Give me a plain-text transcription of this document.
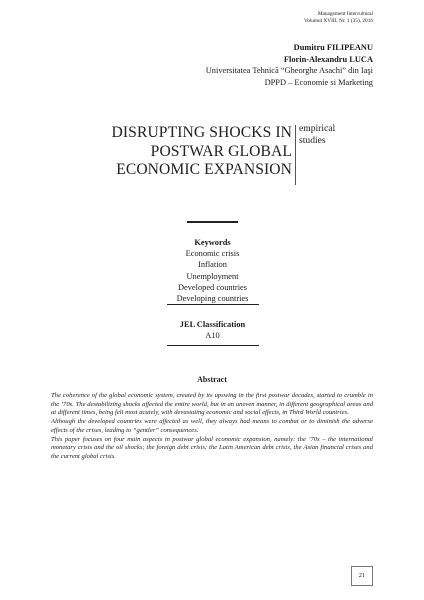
Management Intercultural
Volumul XVIII, Nr. 1 (35), 2016
Dumitru FILIPEANU
Florin-Alexandru LUCA
Universitatea Tehnică “Gheorghe Asachi” din Iaşi
DPPD – Economie si Marketing
DISRUPTING SHOCKS IN
POSTWAR GLOBAL
ECONOMIC EXPANSION
empirical
studies
Keywords
Economic crisis
Inflation
Unemployment
Developed countries
Developing countries
JEL Classification
A10
Abstract

The coherence of the global economic system, created by its upswing in the first postwar decades, started to crumble in the ’70s. The destabilizing shocks affected the entire world, but in an uneven manner, in different geographical areas and at different times, being felt most acutely, with devastating economic and social effects, in Third World countries.

Although the developed countries were affected as well, they always had means to combat or to diminish the adverse effects of the crises, leading to “gentler” consequences.

This paper focuses on four main aspects in postwar global economic expansion, namely: the ’70s – the international monetary crisis and the oil shocks; the foreign debt crisis; the Latin American debt crisis, the Asian financial crises and the current global crisis.

21
